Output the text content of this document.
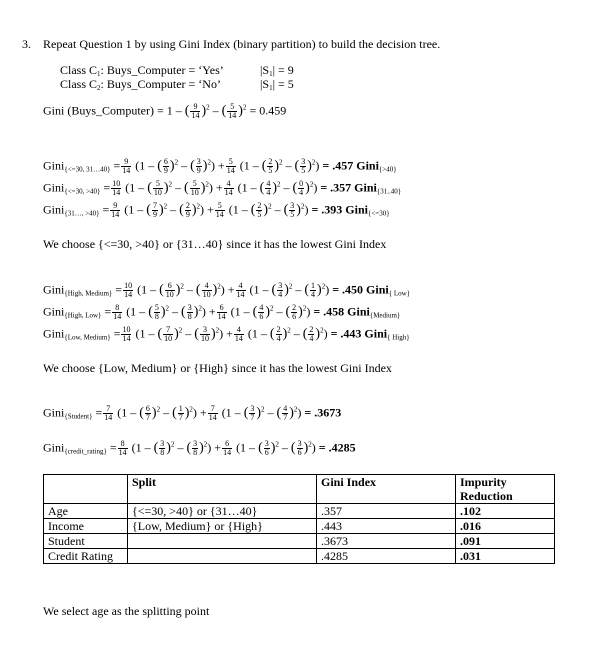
3. Repeat Question 1 by using Gini Index (binary partition) to build the decision tree.
Class $C_1$: Buys_Computer = ‘Yes’	$|S_1| = 9$
Class $C_2$: Buys_Computer = ‘No’	$|S_1| = 5$
Gini (Buys_Computer) = 1 – ( $\frac{9}{14} )^2$ – ( $\frac{5}{14} )^2 = 0.459$
Gini$_{\{<=30, 31\dots 40\}}$ = $\frac{9}{14} (1$ – ( $\frac{6}{9} )^2$ – ( $\frac{3}{9} )^2) + \frac{5}{14} (1$ – ( $\frac{2}{5} )^2$ – ( $\frac{3}{5} )^2) = .457$ Gini$_{\{>40\}}$
Gini$_{\{<=30, >40\}}$ = $\frac{10}{14} (1$ – ( $\frac{5}{10} )^2$ – ( $\frac{5}{10} )^2) + \frac{4}{14} (1$ – ( $\frac{4}{4} )^2$ – ( $\frac{0}{4} )^2) = .357$ Gini$_{\{31..40\}}$
Gini$_{\{31\dots, >40\}}$ = $\frac{9}{14} (1$ – ( $\frac{7}{9} )^2$ – ( $\frac{2}{9} )^2) + \frac{5}{14} (1$ – ( $\frac{2}{5} )^2$ – ( $\frac{3}{5} )^2) = .393$ Gini$_{\{<=30\}}$
We choose {<=30, >40} or {31…40} since it has the lowest Gini Index
Gini$_{\{High, Medium\}}$ = $\frac{10}{14} (1$ – ( $\frac{6}{10} )^2$ – ( $\frac{4}{10} )^2) + \frac{4}{14} (1$ – ( $\frac{3}{4} )^2$ – ( $\frac{1}{4} )^2) = .450$ Gini$_{\{ Low\}}$
Gini$_{\{High, Low\}}$ = $\frac{8}{14} (1$ – ( $\frac{5}{8} )^2$ – ( $\frac{3}{8} )^2) + \frac{6}{14} (1$ – ( $\frac{4}{6} )^2$ – ( $\frac{2}{6} )^2) = .458$ Gini$_{\{Medium\}}$
Gini$_{\{Low, Medium\}}$ = $\frac{10}{14} (1$ – ( $\frac{7}{10} )^2$ – ( $\frac{3}{10} )^2) + \frac{4}{14} (1$ – ( $\frac{2}{4} )^2$ – ( $\frac{2}{4} )^2) = .443$ Gini$_{\{ High\}}$
We choose {Low, Medium} or {High} since it has the lowest Gini Index
Gini$_{\{Student\}}$ = $\frac{7}{14} (1$ – ( $\frac{6}{7} )^2$ – ( $\frac{1}{7} )^2) + \frac{7}{14} (1$ – ( $\frac{3}{7} )^2$ – ( $\frac{4}{7} )^2) = .3673$
Gini$_{\{credit\_rating\}}$ = $\frac{8}{14} (1$ – ( $\frac{3}{8} )^2$ – ( $\frac{3}{8} )^2) + \frac{6}{14} (1$ – ( $\frac{3}{6} )^2$ – ( $\frac{3}{6} )^2) = .4285$
	Split	Gini Index	Impurity Reduction
Age	{<=30, >40} or {31…40}	.357	.102
Income	{Low, Medium} or {High}	.443	.016
Student		.3673	.091
Credit Rating		.4285	.031
We select age as the splitting point
